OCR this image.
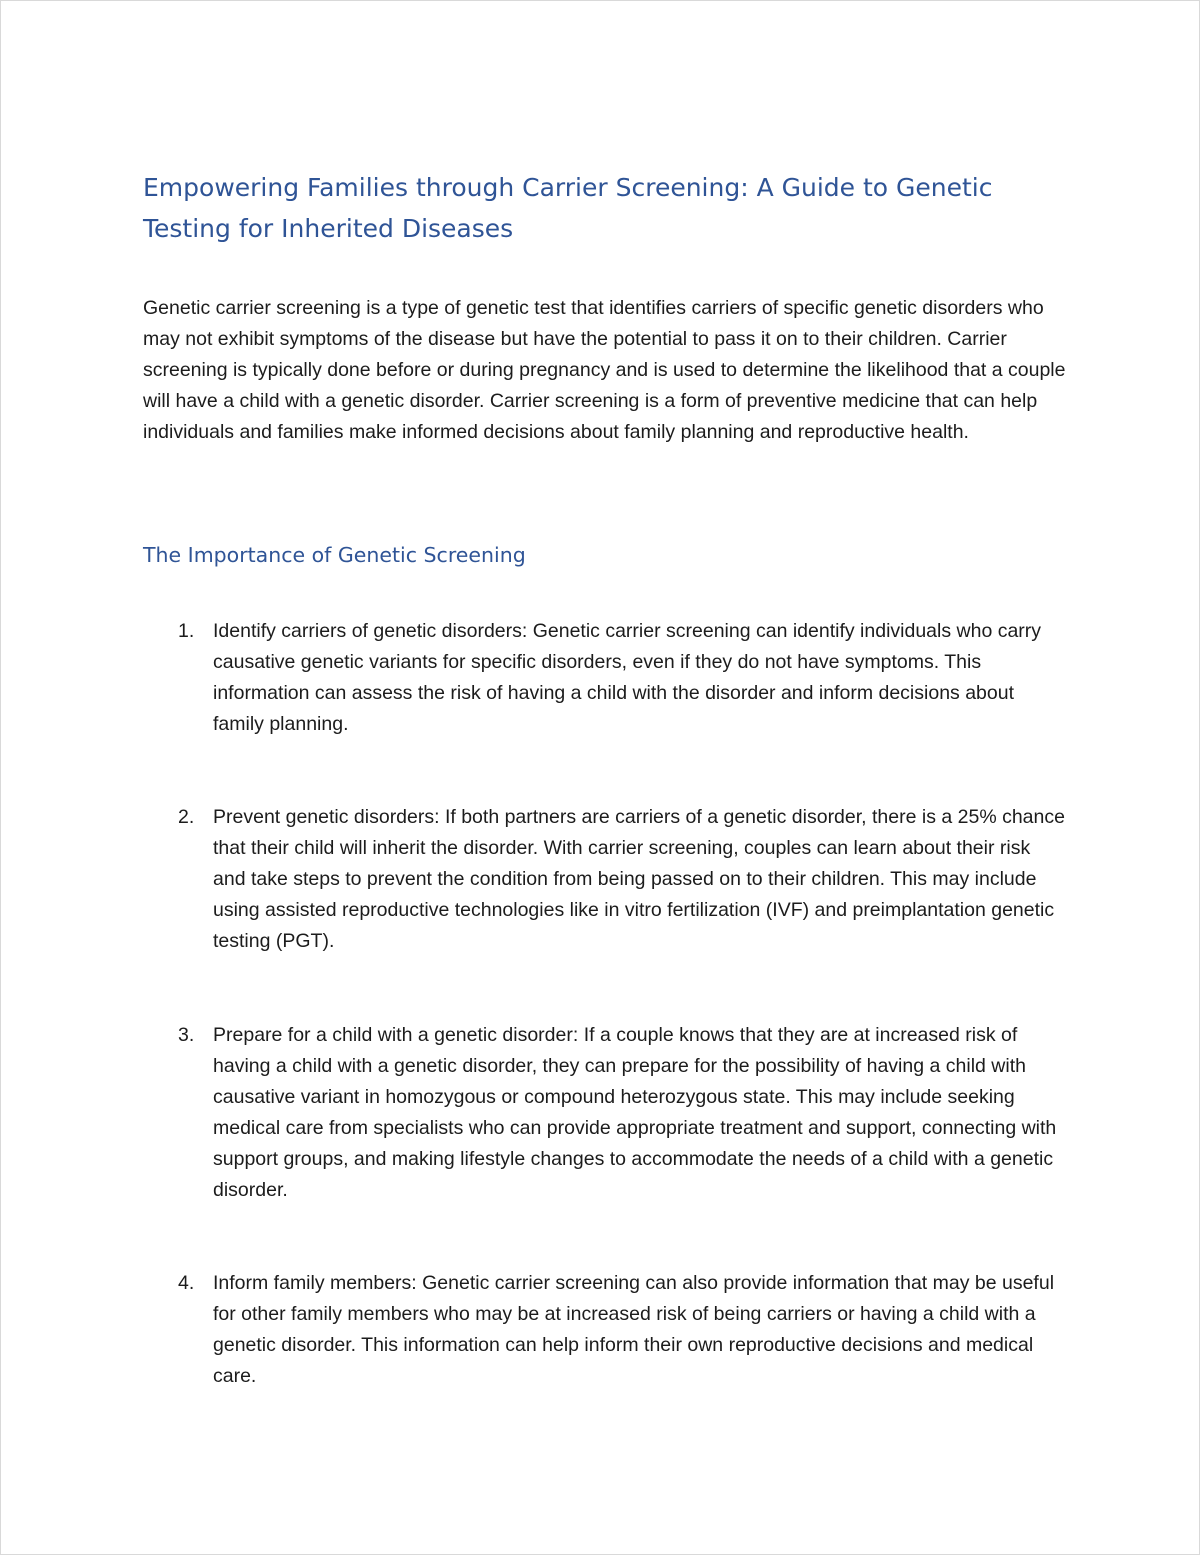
Empowering Families through Carrier Screening: A Guide to Genetic Testing for Inherited Diseases

Genetic carrier screening is a type of genetic test that identifies carriers of specific genetic disorders who may not exhibit symptoms of the disease but have the potential to pass it on to their children. Carrier screening is typically done before or during pregnancy and is used to determine the likelihood that a couple will have a child with a genetic disorder. Carrier screening is a form of preventive medicine that can help individuals and families make informed decisions about family planning and reproductive health.

The Importance of Genetic Screening
1. Identify carriers of genetic disorders: Genetic carrier screening can identify individuals who carry causative genetic variants for specific disorders, even if they do not have symptoms. This information can assess the risk of having a child with the disorder and inform decisions about family planning.
2. Prevent genetic disorders: If both partners are carriers of a genetic disorder, there is a 25% chance that their child will inherit the disorder. With carrier screening, couples can learn about their risk and take steps to prevent the condition from being passed on to their children. This may include using assisted reproductive technologies like in vitro fertilization (IVF) and preimplantation genetic testing (PGT).
3. Prepare for a child with a genetic disorder: If a couple knows that they are at increased risk of having a child with a genetic disorder, they can prepare for the possibility of having a child with causative variant in homozygous or compound heterozygous state. This may include seeking medical care from specialists who can provide appropriate treatment and support, connecting with support groups, and making lifestyle changes to accommodate the needs of a child with a genetic disorder.
4. Inform family members: Genetic carrier screening can also provide information that may be useful for other family members who may be at increased risk of being carriers or having a child with a genetic disorder. This information can help inform their own reproductive decisions and medical care.
